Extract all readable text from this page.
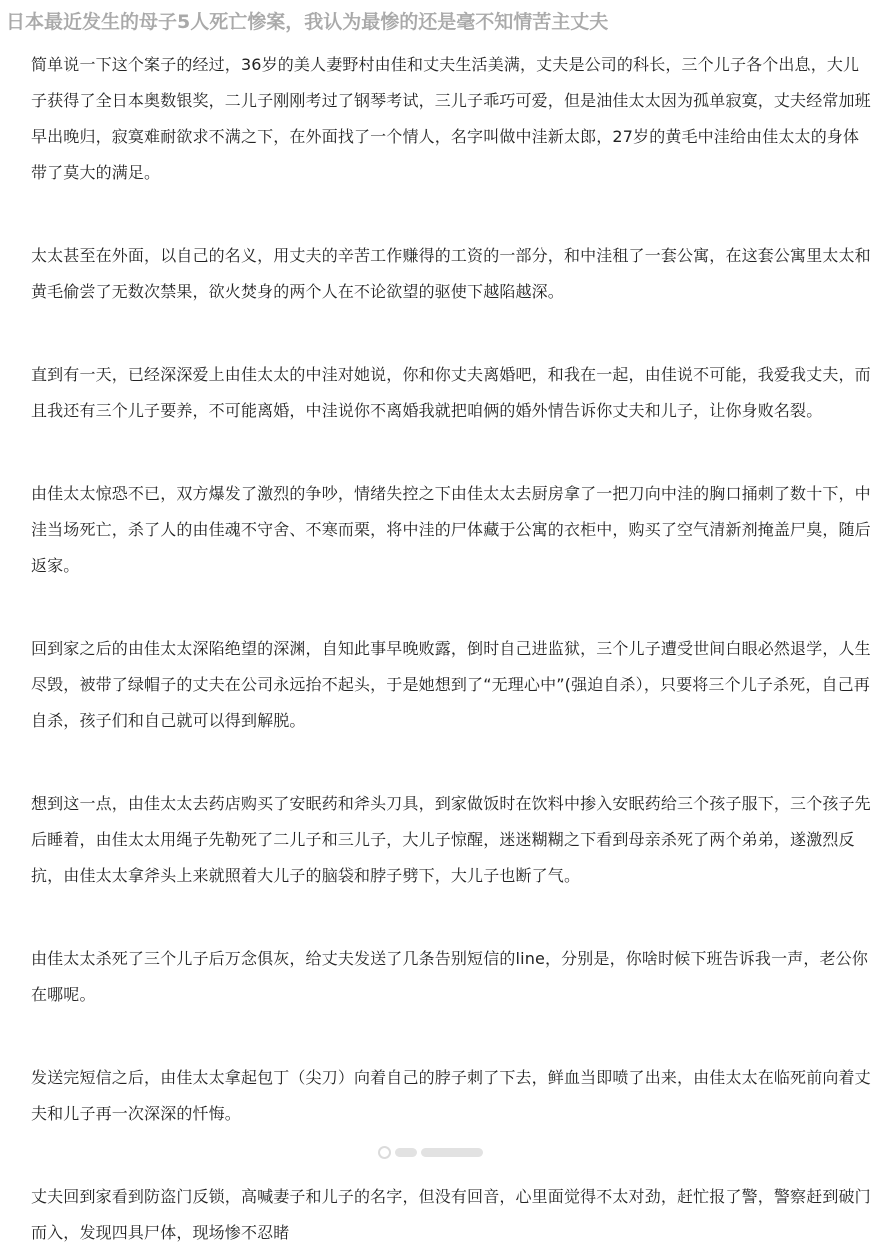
日本最近发生的母子5人死亡惨案，我认为最惨的还是毫不知情苦主丈夫

简单说一下这个案子的经过，36岁的美人妻野村由佳和丈夫生活美满，丈夫是公司的科长，三个儿子各个出息，大儿子获得了全日本奥数银奖，二儿子刚刚考过了钢琴考试，三儿子乖巧可爱，但是油佳太太因为孤单寂寞，丈夫经常加班早出晚归，寂寞难耐欲求不满之下，在外面找了一个情人，名字叫做中洼新太郎，27岁的黄毛中洼给由佳太太的身体带了莫大的满足。

太太甚至在外面，以自己的名义，用丈夫的辛苦工作赚得的工资的一部分，和中洼租了一套公寓，在这套公寓里太太和黄毛偷尝了无数次禁果，欲火焚身的两个人在不论欲望的驱使下越陷越深。

直到有一天，已经深深爱上由佳太太的中洼对她说，你和你丈夫离婚吧，和我在一起，由佳说不可能，我爱我丈夫，而且我还有三个儿子要养，不可能离婚，中洼说你不离婚我就把咱俩的婚外情告诉你丈夫和儿子，让你身败名裂。

由佳太太惊恐不已，双方爆发了激烈的争吵，情绪失控之下由佳太太去厨房拿了一把刀向中洼的胸口捅刺了数十下，中洼当场死亡，杀了人的由佳魂不守舍、不寒而栗，将中洼的尸体藏于公寓的衣柜中，购买了空气清新剂掩盖尸臭，随后返家。

回到家之后的由佳太太深陷绝望的深渊，自知此事早晚败露，倒时自己进监狱，三个儿子遭受世间白眼必然退学，人生尽毁，被带了绿帽子的丈夫在公司永远抬不起头，于是她想到了“无理心中”(强迫自杀），只要将三个儿子杀死，自己再自杀，孩子们和自己就可以得到解脱。

想到这一点，由佳太太去药店购买了安眠药和斧头刀具，到家做饭时在饮料中掺入安眠药给三个孩子服下，三个孩子先后睡着，由佳太太用绳子先勒死了二儿子和三儿子，大儿子惊醒，迷迷糊糊之下看到母亲杀死了两个弟弟，遂激烈反抗，由佳太太拿斧头上来就照着大儿子的脑袋和脖子劈下，大儿子也断了气。

由佳太太杀死了三个儿子后万念俱灰，给丈夫发送了几条告别短信的line，分别是，你啥时候下班告诉我一声，老公你在哪呢。

发送完短信之后，由佳太太拿起包丁（尖刀）向着自己的脖子刺了下去，鲜血当即喷了出来，由佳太太在临死前向着丈夫和儿子再一次深深的忏悔。

丈夫回到家看到防盗门反锁，高喊妻子和儿子的名字，但没有回音，心里面觉得不太对劲，赶忙报了警，警察赶到破门而入，发现四具尸体，现场惨不忍睹
